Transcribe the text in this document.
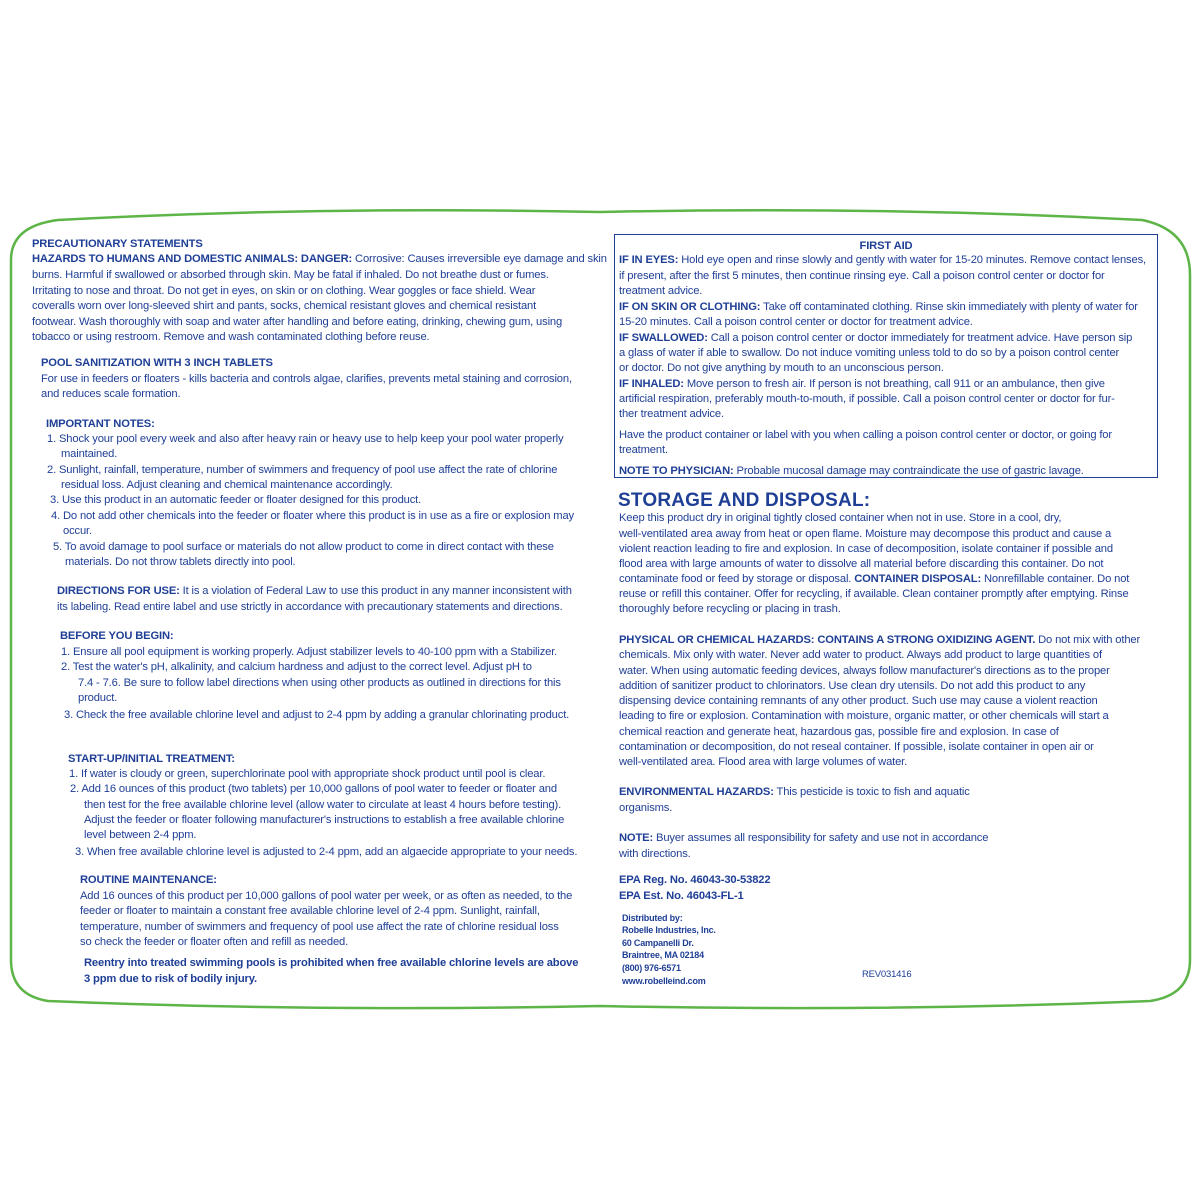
PRECAUTIONARY STATEMENTS
HAZARDS TO HUMANS AND DOMESTIC ANIMALS: DANGER: Corrosive: Causes irreversible eye damage and skin
burns. Harmful if swallowed or absorbed through skin. May be fatal if inhaled. Do not breathe dust or fumes.
Irritating to nose and throat. Do not get in eyes, on skin or on clothing. Wear goggles or face shield. Wear
coveralls worn over long-sleeved shirt and pants, socks, chemical resistant gloves and chemical resistant
footwear. Wash thoroughly with soap and water after handling and before eating, drinking, chewing gum, using
tobacco or using restroom. Remove and wash contaminated clothing before reuse.
POOL SANITIZATION WITH 3 INCH TABLETS
For use in feeders or floaters - kills bacteria and controls algae, clarifies, prevents metal staining and corrosion,
and reduces scale formation.
IMPORTANT NOTES:
1. Shock your pool every week and also after heavy rain or heavy use to help keep your pool water properly
maintained.
2. Sunlight, rainfall, temperature, number of swimmers and frequency of pool use affect the rate of chlorine
residual loss. Adjust cleaning and chemical maintenance accordingly.
3. Use this product in an automatic feeder or floater designed for this product.
4. Do not add other chemicals into the feeder or floater where this product is in use as a fire or explosion may
occur.
5. To avoid damage to pool surface or materials do not allow product to come in direct contact with these
materials. Do not throw tablets directly into pool.
DIRECTIONS FOR USE: It is a violation of Federal Law to use this product in any manner inconsistent with
its labeling. Read entire label and use strictly in accordance with precautionary statements and directions.
BEFORE YOU BEGIN:
1. Ensure all pool equipment is working properly. Adjust stabilizer levels to 40-100 ppm with a Stabilizer.
2. Test the water's pH, alkalinity, and calcium hardness and adjust to the correct level. Adjust pH to
7.4 - 7.6. Be sure to follow label directions when using other products as outlined in directions for this
product.
3. Check the free available chlorine level and adjust to 2-4 ppm by adding a granular chlorinating product.
START-UP/INITIAL TREATMENT:
1. If water is cloudy or green, superchlorinate pool with appropriate shock product until pool is clear.
2. Add 16 ounces of this product (two tablets) per 10,000 gallons of pool water to feeder or floater and
then test for the free available chlorine level (allow water to circulate at least 4 hours before testing).
Adjust the feeder or floater following manufacturer's instructions to establish a free available chlorine
level between 2-4 ppm.
3. When free available chlorine level is adjusted to 2-4 ppm, add an algaecide appropriate to your needs.
ROUTINE MAINTENANCE:
Add 16 ounces of this product per 10,000 gallons of pool water per week, or as often as needed, to the
feeder or floater to maintain a constant free available chlorine level of 2-4 ppm. Sunlight, rainfall,
temperature, number of swimmers and frequency of pool use affect the rate of chlorine residual loss
so check the feeder or floater often and refill as needed.
Reentry into treated swimming pools is prohibited when free available chlorine levels are above
3 ppm due to risk of bodily injury.
FIRST AID
IF IN EYES: Hold eye open and rinse slowly and gently with water for 15-20 minutes. Remove contact lenses,
if present, after the first 5 minutes, then continue rinsing eye. Call a poison control center or doctor for
treatment advice.
IF ON SKIN OR CLOTHING: Take off contaminated clothing. Rinse skin immediately with plenty of water for
15-20 minutes. Call a poison control center or doctor for treatment advice.
IF SWALLOWED: Call a poison control center or doctor immediately for treatment advice. Have person sip
a glass of water if able to swallow. Do not induce vomiting unless told to do so by a poison control center
or doctor. Do not give anything by mouth to an unconscious person.
IF INHALED: Move person to fresh air. If person is not breathing, call 911 or an ambulance, then give
artificial respiration, preferably mouth-to-mouth, if possible. Call a poison control center or doctor for fur-
ther treatment advice.
Have the product container or label with you when calling a poison control center or doctor, or going for
treatment.
NOTE TO PHYSICIAN: Probable mucosal damage may contraindicate the use of gastric lavage.
STORAGE AND DISPOSAL:
Keep this product dry in original tightly closed container when not in use. Store in a cool, dry,
well-ventilated area away from heat or open flame. Moisture may decompose this product and cause a
violent reaction leading to fire and explosion. In case of decomposition, isolate container if possible and
flood area with large amounts of water to dissolve all material before discarding this container. Do not
contaminate food or feed by storage or disposal. CONTAINER DISPOSAL: Nonrefillable container. Do not
reuse or refill this container. Offer for recycling, if available. Clean container promptly after emptying. Rinse
thoroughly before recycling or placing in trash.
PHYSICAL OR CHEMICAL HAZARDS: CONTAINS A STRONG OXIDIZING AGENT. Do not mix with other
chemicals. Mix only with water. Never add water to product. Always add product to large quantities of
water. When using automatic feeding devices, always follow manufacturer's directions as to the proper
addition of sanitizer product to chlorinators. Use clean dry utensils. Do not add this product to any
dispensing device containing remnants of any other product. Such use may cause a violent reaction
leading to fire or explosion. Contamination with moisture, organic matter, or other chemicals will start a
chemical reaction and generate heat, hazardous gas, possible fire and explosion. In case of
contamination or decomposition, do not reseal container. If possible, isolate container in open air or
well-ventilated area. Flood area with large volumes of water.
ENVIRONMENTAL HAZARDS: This pesticide is toxic to fish and aquatic
organisms.
NOTE: Buyer assumes all responsibility for safety and use not in accordance
with directions.
EPA Reg. No. 46043-30-53822
EPA Est. No. 46043-FL-1
Distributed by:
Robelle Industries, Inc.
60 Campanelli Dr.
Braintree, MA 02184
(800) 976-6571
www.robelleind.com
REV031416
